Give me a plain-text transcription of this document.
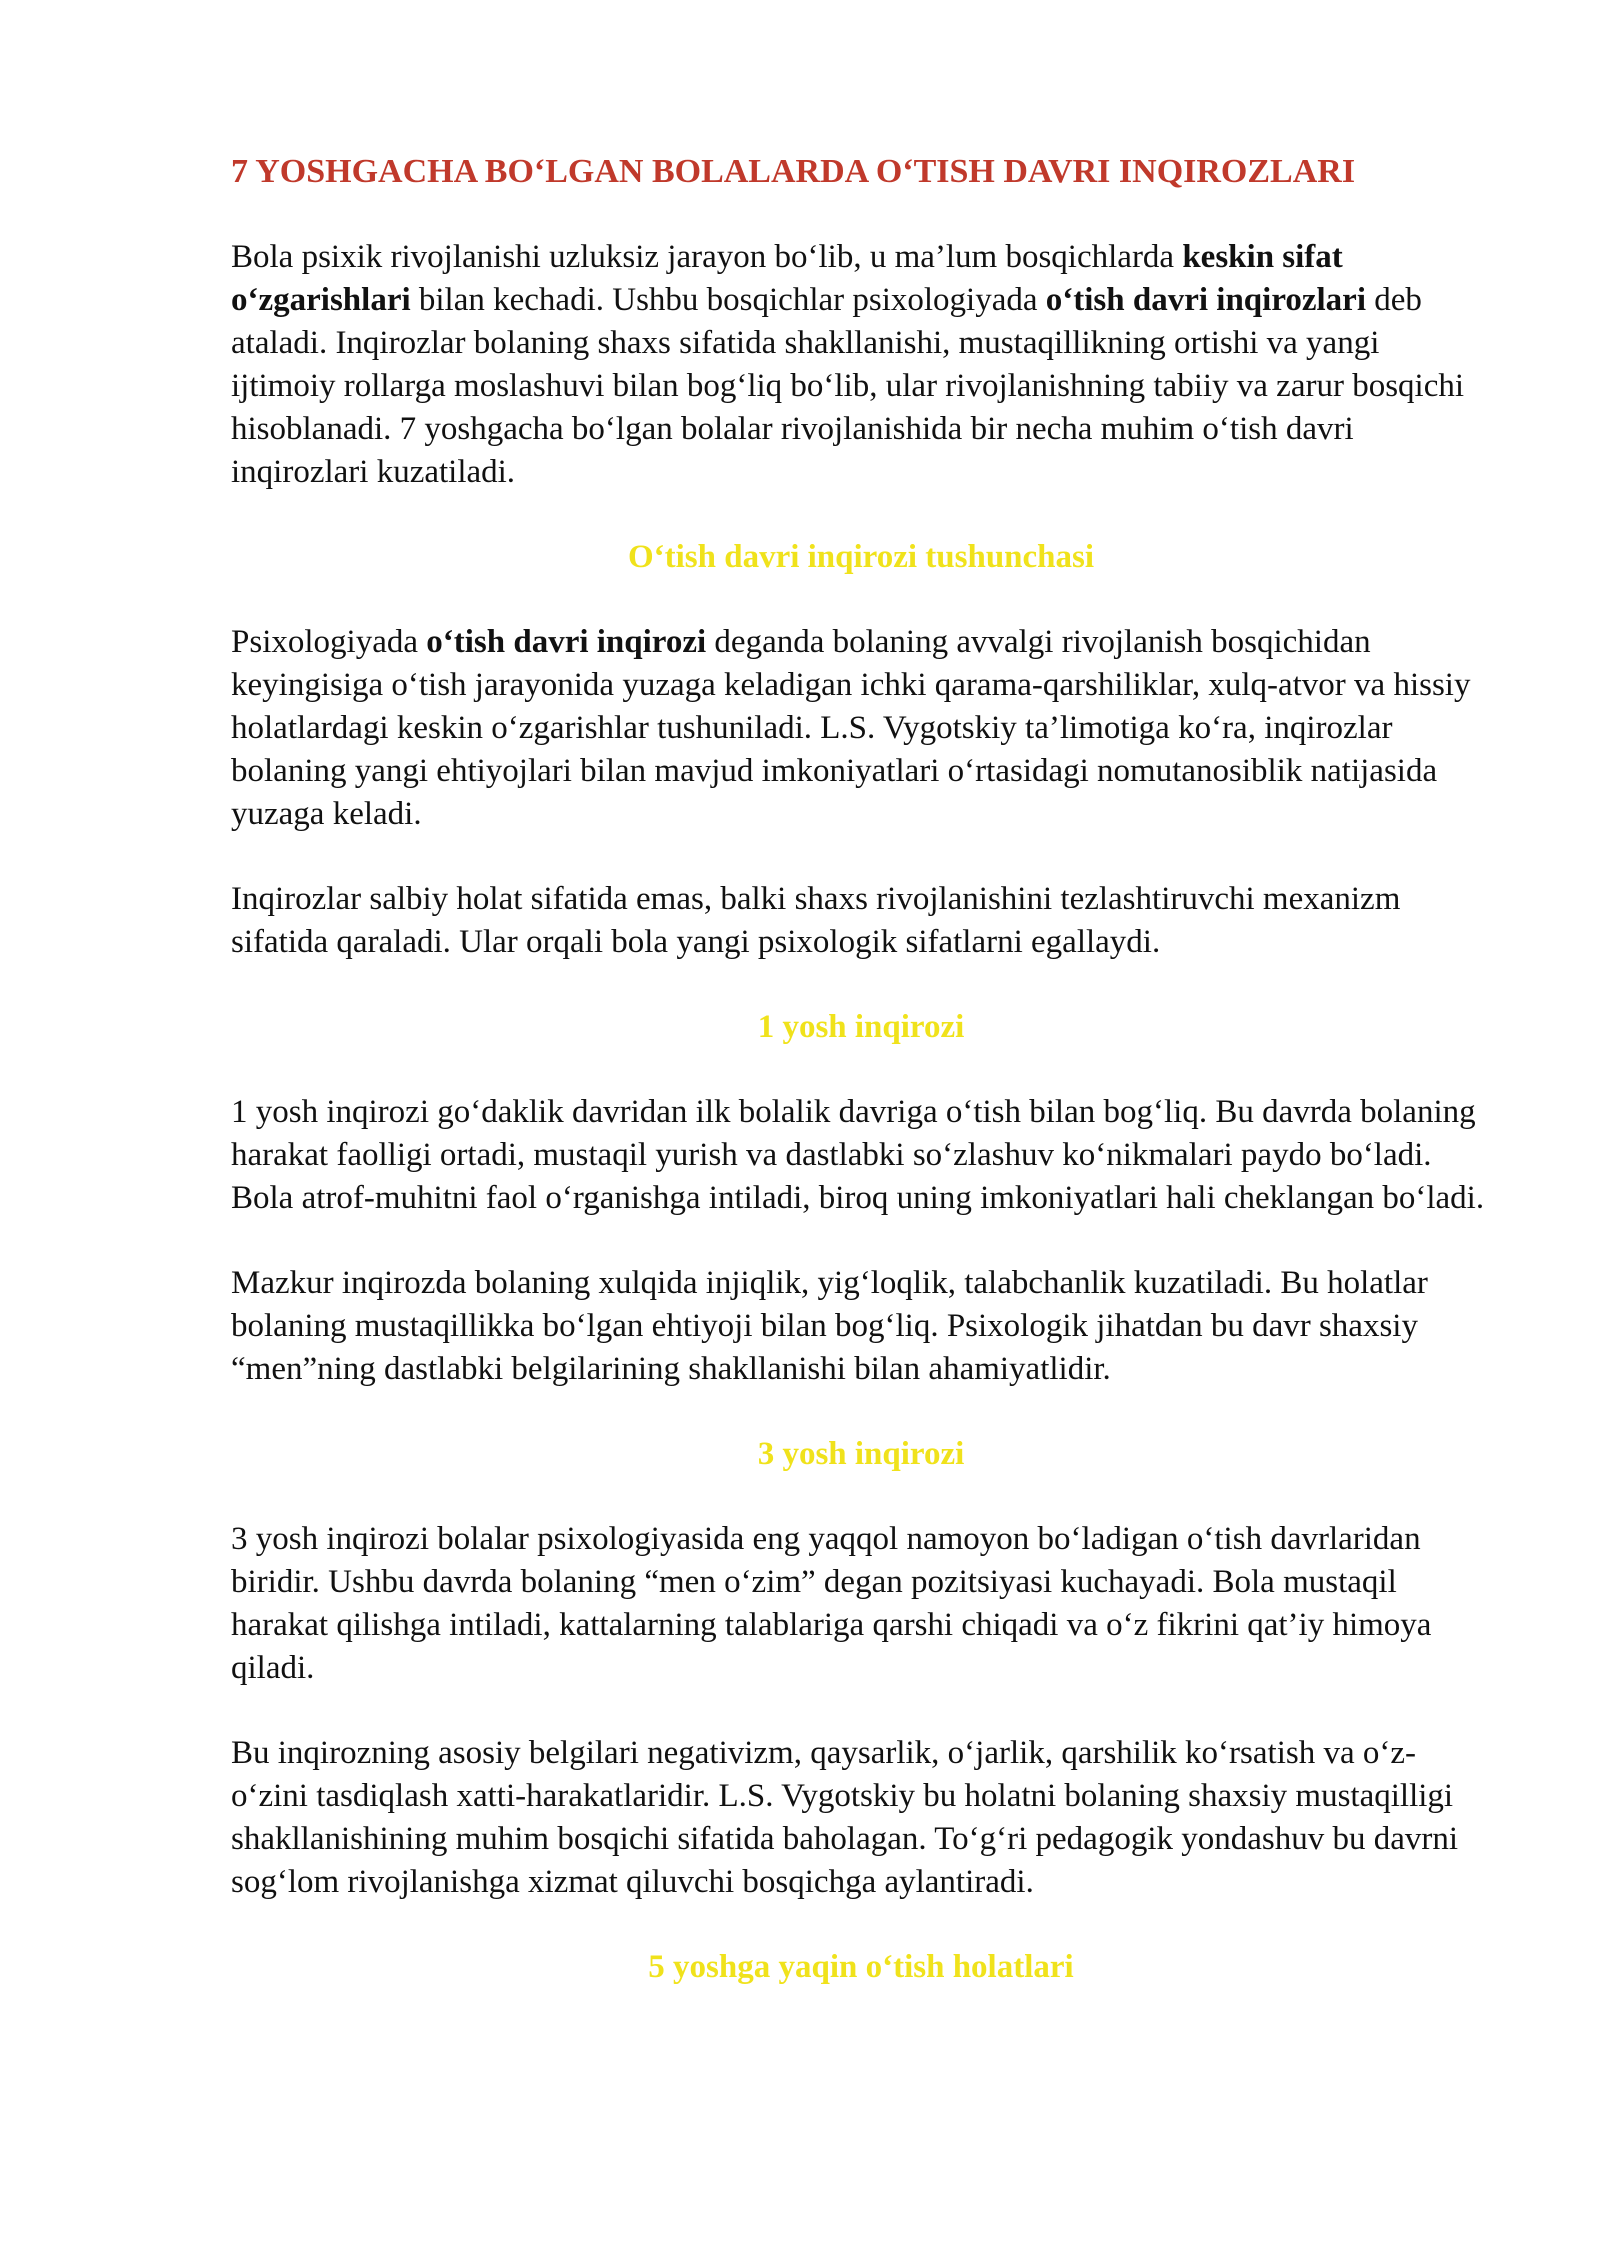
7 YOSHGACHA BO‘LGAN BOLALARDA O‘TISH DAVRI INQIROZLARI

Bola psixik rivojlanishi uzluksiz jarayon bo‘lib, u ma’lum bosqichlarda keskin sifat o‘zgarishlari bilan kechadi. Ushbu bosqichlar psixologiyada o‘tish davri inqirozlari deb ataladi. Inqirozlar bolaning shaxs sifatida shakllanishi, mustaqillikning ortishi va yangi ijtimoiy rollarga moslashuvi bilan bog‘liq bo‘lib, ular rivojlanishning tabiiy va zarur bosqichi hisoblanadi. 7 yoshgacha bo‘lgan bolalar rivojlanishida bir necha muhim o‘tish davri inqirozlari kuzatiladi.

O‘tish davri inqirozi tushunchasi

Psixologiyada o‘tish davri inqirozi deganda bolaning avvalgi rivojlanish bosqichidan keyingisiga o‘tish jarayonida yuzaga keladigan ichki qarama-qarshiliklar, xulq-atvor va hissiy holatlardagi keskin o‘zgarishlar tushuniladi. L.S. Vygotskiy ta’limotiga ko‘ra, inqirozlar bolaning yangi ehtiyojlari bilan mavjud imkoniyatlari o‘rtasidagi nomutanosiblik natijasida yuzaga keladi.

Inqirozlar salbiy holat sifatida emas, balki shaxs rivojlanishini tezlashtiruvchi mexanizm sifatida qaraladi. Ular orqali bola yangi psixologik sifatlarni egallaydi.

1 yosh inqirozi

1 yosh inqirozi go‘daklik davridan ilk bolalik davriga o‘tish bilan bog‘liq. Bu davrda bolaning harakat faolligi ortadi, mustaqil yurish va dastlabki so‘zlashuv ko‘nikmalari paydo bo‘ladi. Bola atrof-muhitni faol o‘rganishga intiladi, biroq uning imkoniyatlari hali cheklangan bo‘ladi.

Mazkur inqirozda bolaning xulqida injiqlik, yig‘loqlik, talabchanlik kuzatiladi. Bu holatlar bolaning mustaqillikka bo‘lgan ehtiyoji bilan bog‘liq. Psixologik jihatdan bu davr shaxsiy “men”ning dastlabki belgilarining shakllanishi bilan ahamiyatlidir.

3 yosh inqirozi

3 yosh inqirozi bolalar psixologiyasida eng yaqqol namoyon bo‘ladigan o‘tish davrlaridan biridir. Ushbu davrda bolaning “men o‘zim” degan pozitsiyasi kuchayadi. Bola mustaqil harakat qilishga intiladi, kattalarning talablariga qarshi chiqadi va o‘z fikrini qat’iy himoya qiladi.

Bu inqirozning asosiy belgilari negativizm, qaysarlik, o‘jarlik, qarshilik ko‘rsatish va o‘z-o‘zini tasdiqlash xatti-harakatlaridir. L.S. Vygotskiy bu holatni bolaning shaxsiy mustaqilligi shakllanishining muhim bosqichi sifatida baholagan. To‘g‘ri pedagogik yondashuv bu davrni sog‘lom rivojlanishga xizmat qiluvchi bosqichga aylantiradi.

5 yoshga yaqin o‘tish holatlari
